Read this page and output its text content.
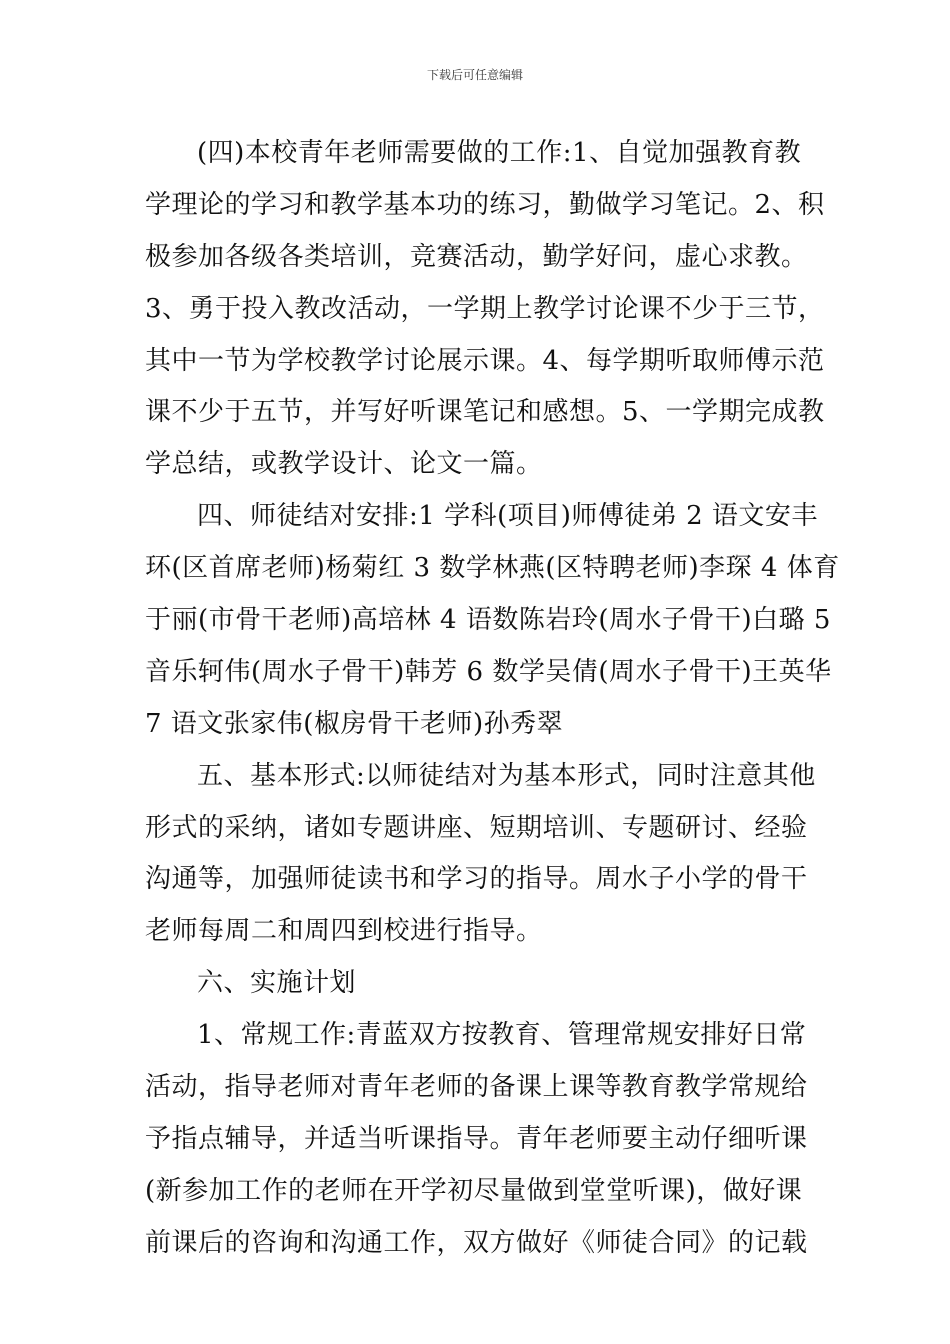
下载后可任意编辑
(四)本校青年老师需要做的工作:1、自觉加强教育教
学理论的学习和教学基本功的练习，勤做学习笔记。2、积
极参加各级各类培训，竞赛活动，勤学好问，虚心求教。
3、勇于投入教改活动，一学期上教学讨论课不少于三节，
其中一节为学校教学讨论展示课。4、每学期听取师傅示范
课不少于五节，并写好听课笔记和感想。5、一学期完成教
学总结，或教学设计、论文一篇。
四、师徒结对安排:1 学科(项目)师傅徒弟 2 语文安丰
环(区首席老师)杨菊红 3 数学林燕(区特聘老师)李琛 4 体育
于丽(市骨干老师)高培林 4 语数陈岩玲(周水子骨干)白璐 5
音乐轲伟(周水子骨干)韩芳 6 数学吴倩(周水子骨干)王英华
7 语文张家伟(椒房骨干老师)孙秀翠
五、基本形式:以师徒结对为基本形式，同时注意其他
形式的采纳，诸如专题讲座、短期培训、专题研讨、经验
沟通等，加强师徒读书和学习的指导。周水子小学的骨干
老师每周二和周四到校进行指导。
六、实施计划
1、常规工作:青蓝双方按教育、管理常规安排好日常
活动，指导老师对青年老师的备课上课等教育教学常规给
予指点辅导，并适当听课指导。青年老师要主动仔细听课
(新参加工作的老师在开学初尽量做到堂堂听课)，做好课
前课后的咨询和沟通工作，双方做好《师徒合同》的记载
